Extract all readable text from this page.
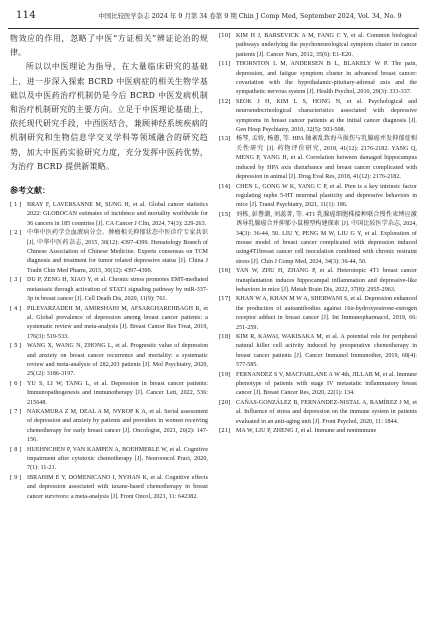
114	中国比较医学杂志 2024 年 9 月第 34 卷第 9 期 Chin J Comp Med, September 2024, Vol. 34, No. 9

物效应的作用，忽略了中医“方证相关”辨证论治的规律。

所以以中医理论为指导，在大量临床研究的基础上，进一步深入探索 BCRD 中医病症的相关生物学基础以及中医药治疗机制仍是今后 BCRD 中医发病机制和治疗机制研究的主要方向。立足于中医理论基础上，依托现代研究手段，中西医结合，兼顾神经系统疾病的机制研究和生物信息学交叉学科等领域融合的研究趋势，加大中医药实验研究力度，充分发挥中医药优势，为治疗 BCRD 提供新策略。

参考文献：
[ 1 ] BRAY F, LAVERSANNE M, SUNG H, et al. Global cancer statistics 2022: GLOBOCAN estimates of incidence and mortality worldwide for 36 cancers in 185 countries [J]. CA Cancer J Clin, 2024, 74(3): 229-263.
[ 2 ] 中华中医药学会血液病分会。肿瘤相关抑郁状态中医诊疗专家共识 [J]. 中华中医药杂志, 2015, 30(12): 4397-4399. Hematology Branch of Chinese Association of Chinese Medicine. Experts consensus on TCM diagnosis and treatment for tumor related depressive status [J]. China J Tradit Chin Med Pharm, 2015, 30(12): 4397-4399.
[ 3 ] DU P, ZENG H, XIAO Y, et al. Chronic stress promotes EMT-mediated metastasis through activation of STAT3 signaling pathway by miR-337-3p in breast cancer [J]. Cell Death Dis, 2020, 11(9): 761.
[ 4 ] PILEVARZADEH M, AMIRSHAHI M, AFSARGHAREHBAGH R, et al. Global prevalence of depression among breast cancer patients: a systematic review and meta-analysis [J]. Breast Cancer Res Treat, 2019, 176(3): 519-533.
[ 5 ] WANG X, WANG N, ZHONG L, et al. Prognostic value of depression and anxiety on breast cancer recurrence and mortality: a systematic review and meta-analysis of 282,203 patients [J]. Mol Psychiatry, 2020, 25(12): 3186-3197.
[ 6 ] YU S, LI W, TANG L, et al. Depression in breast cancer patients: Immunopathogenesis and immunotherapy [J]. Cancer Lett, 2022, 536: 215648.
[ 7 ] NAKAMURA Z M, DEAL A M, NYROP K A, et al. Serial assessment of depression and anxiety by patients and providers in women receiving chemotherapy for early breast cancer [J]. Oncologist, 2021, 26(2): 147-156.
[ 8 ] HUEHNCHEN P, VAN KAMPEN A, BOEHMERLE W, et al. Cognitive impairment after cytotoxic chemotherapy [J]. Neurooncol Pract, 2020, 7(1): 11-21.
[ 9 ] IBRAHIM E Y, DOMENICANO I, NYHAN K, et al. Cognitive effects and depression associated with taxane-based chemotherapy in breast cancer survivors: a meta-analysis [J]. Front Oncol, 2021, 11: 642382.
[10] KIM H J, BARSEVICK A M, FANG C Y, et al. Common biological pathways underlying the psychoneurological symptom cluster in cancer patients [J]. Cancer Nurs, 2012, 35(6): E1-E20.
[11] THORNTON L M, ANDERSEN B L, BLAKELY W P. The pain, depression, and fatigue symptom cluster in advanced breast cancer: covariation with the hypothalamic-pituitary-adrenal axis and the sympathetic nervous system [J]. Health Psychol, 2010, 29(3): 333-337.
[12] SEOK J H, KIM L S, HONG N, et al. Psychological and neuroendocrinological characteristics associated with depressive symptoms in breast cancer patients at the initial cancer diagnosis [J]. Gen Hosp Psychiatry, 2010, 32(5): 503-508.
[13] 杨琴, 孟娇, 杨蕙, 等. HPA 轴紊乱致海马损伤与乳腺癌并发抑郁症相关性研究 [J]. 药物评价研究, 2018, 41(12): 2176-2182. YANG Q, MENG P, YANG H, et al. Correlation between damaged hippocampus induced by HPA axis disturbance and breast cancer complicated with depression in animal [J]. Drug Eval Res, 2018, 41(12): 2176-2182.
[14] CHEN L, GONG W K, YANG C P, et al. Pten is a key intrinsic factor regulating raphe 5-HT neuronal plasticity and depressive behaviors in mice [J]. Transl Psychiatry, 2021, 11(1): 186.
[15] 刘栋, 彭譽潮, 刘蕊菁, 等. 4T1 乳腺癌细胞株接种联合慢性束缚应激诱导乳腺癌合并抑郁小鼠模型构建探索 [J]. 中国比较医学杂志, 2024, 34(3): 36-44, 50. LIU Y, PENG M W, LIU G Y, et al. Exploration of mouse model of breast cancer complicated with depression induced using4T1breast cancer cell inoculation combined with chronic restraint stress [J]. Chin J Comp Med, 2024, 34(3): 36-44, 50.
[16] YAN W, ZHU H, ZHANG P, et al. Heterotopic 4T1 breast cancer transplantation induces hippocampal inflammation and depressive-like behaviors in mice [J]. Metab Brain Dis, 2022, 37(8): 2955-2963.
[17] KHAN W A, KHAN M W A, SHERWANI S, et al. Depression enhanced the production of autoantibodies against 16α-hydroxyestrone-estrogen receptor adduct in breast cancer [J]. Int Immunopharmacol, 2019, 66: 251-259.
[18] KIM R, KAWAI, WAKISAKA M, et al. A potential role for peripheral natural killer cell activity induced by preoperative chemotherapy in breast cancer patients [J]. Cancer Immunol Immunother, 2019, 68(4): 577-585.
[19] FERNANDEZ S V, MACFARLANE A W 4th, JILLAB M, et al. Immune phenotype of patients with stage IV metastatic inflammatory breast cancer [J]. Breast Cancer Res, 2020, 22(1): 134.
[20] CAÑAS-GONZÁLEZ B, FERNÁNDEZ-NISTAL A, RAMÍREZ J M, et al. Influence of stress and depression on the immune system in patients evaluated in an anti-aging unit [J]. Front Psychol, 2020, 11: 1844.
[21] MA W, LIU P, ZHENG J, et al. Immune and nonimmune
